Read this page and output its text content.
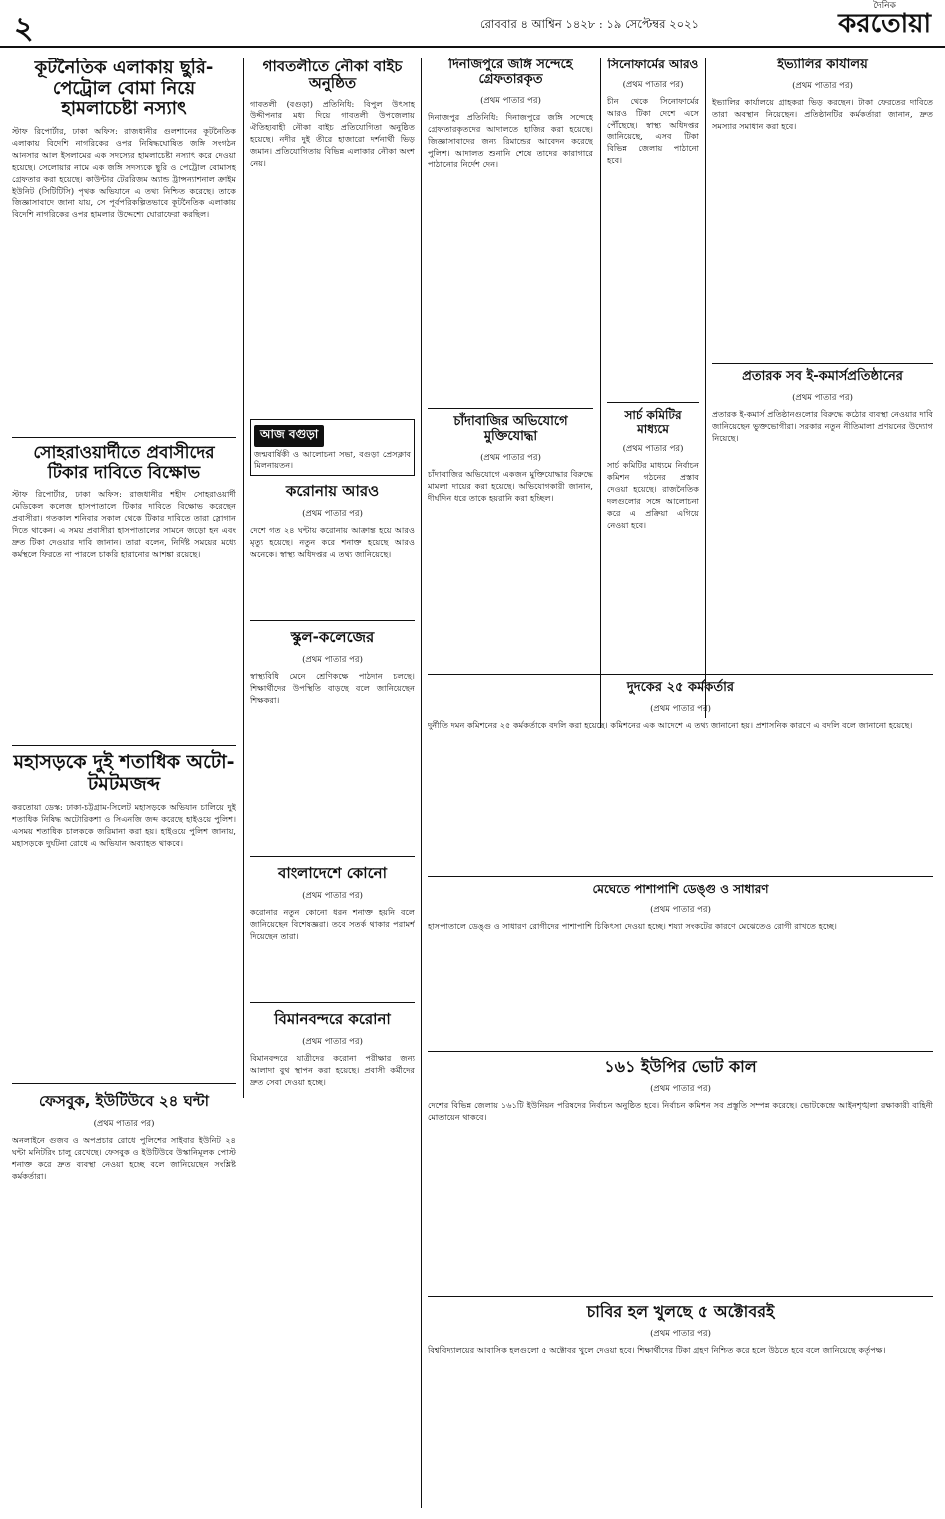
২	রোববার ৪ আশ্বিন ১৪২৮ : ১৯ সেপ্টেম্বর ২০২১
দৈনিক
করতোয়া
কূটনৈতিক এলাকায় ছুরি-পেট্রোল বোমা নিয়ে হামলাচেষ্টা নস্যাৎ
স্টাফ রিপোর্টার, ঢাকা অফিস: রাজধানীর গুলশানের কূটনৈতিক এলাকায় বিদেশি নাগরিকের ওপর নিষিদ্ধঘোষিত জঙ্গি সংগঠন আনসার আল ইসলামের এক সদস্যের হামলাচেষ্টা নস্যাৎ করে দেওয়া হয়েছে। সেলোয়ার নামে এক জঙ্গি সদস্যকে ছুরি ও পেট্রোল বোমাসহ গ্রেফতার করা হয়েছে। কাউন্টার টেররিজম অ্যান্ড ট্রান্সন্যাশনাল ক্রাইম ইউনিট (সিটিটিসি) পৃথক অভিযানে এ তথ্য নিশ্চিত করেছে। তাকে জিজ্ঞাসাবাদে জানা যায়, সে পূর্বপরিকল্পিতভাবে কূটনৈতিক এলাকায় বিদেশি নাগরিকের ওপর হামলার উদ্দেশ্যে ঘোরাফেরা করছিল।
সোহরাওয়ার্দীতে প্রবাসীদের টিকার দাবিতে বিক্ষোভ
স্টাফ রিপোর্টার, ঢাকা অফিস: রাজধানীর শহীদ সোহরাওয়ার্দী মেডিকেল কলেজ হাসপাতালে টিকার দাবিতে বিক্ষোভ করেছেন প্রবাসীরা। গতকাল শনিবার সকাল থেকে টিকার দাবিতে তারা স্লোগান দিতে থাকেন। এ সময় প্রবাসীরা হাসপাতালের সামনে জড়ো হন এবং দ্রুত টিকা দেওয়ার দাবি জানান। তারা বলেন, নির্দিষ্ট সময়ের মধ্যে কর্মস্থলে ফিরতে না পারলে চাকরি হারানোর আশঙ্কা রয়েছে।
মহাসড়কে দুই শতাধিক অটো-টমটমজব্দ
করতোয়া ডেস্ক: ঢাকা-চট্টগ্রাম-সিলেট মহাসড়কে অভিযান চালিয়ে দুই শতাধিক নিষিদ্ধ অটোরিকশা ও সিএনজি জব্দ করেছে হাইওয়ে পুলিশ। এসময় শতাধিক চালককে জরিমানা করা হয়। হাইওয়ে পুলিশ জানায়, মহাসড়কে দুর্ঘটনা রোধে এ অভিযান অব্যাহত থাকবে।
ফেসবুক, ইউটিউবে ২৪ ঘন্টা
(প্রথম পাতার পর)
অনলাইনে গুজব ও অপপ্রচার রোধে পুলিশের সাইবার ইউনিট ২৪ ঘন্টা মনিটরিং চালু রেখেছে। ফেসবুক ও ইউটিউবে উস্কানিমূলক পোস্ট শনাক্ত করে দ্রুত ব্যবস্থা নেওয়া হচ্ছে বলে জানিয়েছেন সংশ্লিষ্ট কর্মকর্তারা।
গাবতলীতে নৌকা বাইচ অনুষ্ঠিত
গাবতলী (বগুড়া) প্রতিনিধি: বিপুল উৎসাহ উদ্দীপনার মধ্য দিয়ে গাবতলী উপজেলায় ঐতিহ্যবাহী নৌকা বাইচ প্রতিযোগিতা অনুষ্ঠিত হয়েছে। নদীর দুই তীরে হাজারো দর্শনার্থী ভিড় জমান। প্রতিযোগিতায় বিভিন্ন এলাকার নৌকা অংশ নেয়।
আজ বগুড়া
জন্মবার্ষিকী ও আলোচনা সভা, বগুড়া প্রেসক্লাব মিলনায়তন।
করোনায় আরও
(প্রথম পাতার পর)
দেশে গত ২৪ ঘন্টায় করোনায় আক্রান্ত হয়ে আরও মৃত্যু হয়েছে। নতুন করে শনাক্ত হয়েছে আরও অনেকে। স্বাস্থ্য অধিদপ্তর এ তথ্য জানিয়েছে।
স্কুল-কলেজের
(প্রথম পাতার পর)
স্বাস্থ্যবিধি মেনে শ্রেণিকক্ষে পাঠদান চলছে। শিক্ষার্থীদের উপস্থিতি বাড়ছে বলে জানিয়েছেন শিক্ষকরা।
বাংলাদেশে কোনো
(প্রথম পাতার পর)
করোনার নতুন কোনো ধরন শনাক্ত হয়নি বলে জানিয়েছেন বিশেষজ্ঞরা। তবে সতর্ক থাকার পরামর্শ দিয়েছেন তারা।
বিমানবন্দরে করোনা
(প্রথম পাতার পর)
বিমানবন্দরে যাত্রীদের করোনা পরীক্ষার জন্য আলাদা বুথ স্থাপন করা হয়েছে। প্রবাসী কর্মীদের দ্রুত সেবা দেওয়া হচ্ছে।
দিনাজপুরে জঙ্গি সন্দেহে গ্রেফতারকৃত
(প্রথম পাতার পর)
দিনাজপুর প্রতিনিধি: দিনাজপুরে জঙ্গি সন্দেহে গ্রেফতারকৃতদের আদালতে হাজির করা হয়েছে। জিজ্ঞাসাবাদের জন্য রিমান্ডের আবেদন করেছে পুলিশ। আদালত শুনানি শেষে তাদের কারাগারে পাঠানোর নির্দেশ দেন।
চাঁদাবাজির অভিযোগে মুক্তিযোদ্ধা
(প্রথম পাতার পর)
চাঁদাবাজির অভিযোগে একজন মুক্তিযোদ্ধার বিরুদ্ধে মামলা দায়ের করা হয়েছে। অভিযোগকারী জানান, দীর্ঘদিন ধরে তাকে হয়রানি করা হচ্ছিল।
সিনোফার্মের আরও
(প্রথম পাতার পর)
চীন থেকে সিনোফার্মের আরও টিকা দেশে এসে পৌঁছেছে। স্বাস্থ্য অধিদপ্তর জানিয়েছে, এসব টিকা বিভিন্ন জেলায় পাঠানো হবে।
সার্চ কমিটির মাধ্যমে
(প্রথম পাতার পর)
সার্চ কমিটির মাধ্যমে নির্বাচন কমিশন গঠনের প্রস্তাব দেওয়া হয়েছে। রাজনৈতিক দলগুলোর সঙ্গে আলোচনা করে এ প্রক্রিয়া এগিয়ে নেওয়া হবে।
ইভ্যালির কার্যালয়
(প্রথম পাতার পর)
ইভ্যালির কার্যালয়ে গ্রাহকরা ভিড় করছেন। টাকা ফেরতের দাবিতে তারা অবস্থান নিয়েছেন। প্রতিষ্ঠানটির কর্মকর্তারা জানান, দ্রুত সমস্যার সমাধান করা হবে।
প্রতারক সব ই-কমার্সপ্রতিষ্ঠানের
(প্রথম পাতার পর)
প্রতারক ই-কমার্স প্রতিষ্ঠানগুলোর বিরুদ্ধে কঠোর ব্যবস্থা নেওয়ার দাবি জানিয়েছেন ভুক্তভোগীরা। সরকার নতুন নীতিমালা প্রণয়নের উদ্যোগ নিয়েছে।
দুদকের ২৫ কর্মকর্তার
(প্রথম পাতার পর)
দুর্নীতি দমন কমিশনের ২৫ কর্মকর্তাকে বদলি করা হয়েছে। কমিশনের এক আদেশে এ তথ্য জানানো হয়। প্রশাসনিক কারণে এ বদলি বলে জানানো হয়েছে।
মেঘেতে পাশাপাশি ডেঙ্গু ও সাধারণ
(প্রথম পাতার পর)
হাসপাতালে ডেঙ্গু ও সাধারণ রোগীদের পাশাপাশি চিকিৎসা দেওয়া হচ্ছে। শয্যা সংকটের কারণে মেঝেতেও রোগী রাখতে হচ্ছে।
১৬১ ইউপির ভোট কাল
(প্রথম পাতার পর)
দেশের বিভিন্ন জেলায় ১৬১টি ইউনিয়ন পরিষদের নির্বাচন অনুষ্ঠিত হবে। নির্বাচন কমিশন সব প্রস্তুতি সম্পন্ন করেছে। ভোটকেন্দ্রে আইনশৃঙ্খলা রক্ষাকারী বাহিনী মোতায়েন থাকবে।
চাবির হল খুলছে ৫ অক্টোবরই
(প্রথম পাতার পর)
বিশ্ববিদ্যালয়ের আবাসিক হলগুলো ৫ অক্টোবর খুলে দেওয়া হবে। শিক্ষার্থীদের টিকা গ্রহণ নিশ্চিত করে হলে উঠতে হবে বলে জানিয়েছে কর্তৃপক্ষ।
